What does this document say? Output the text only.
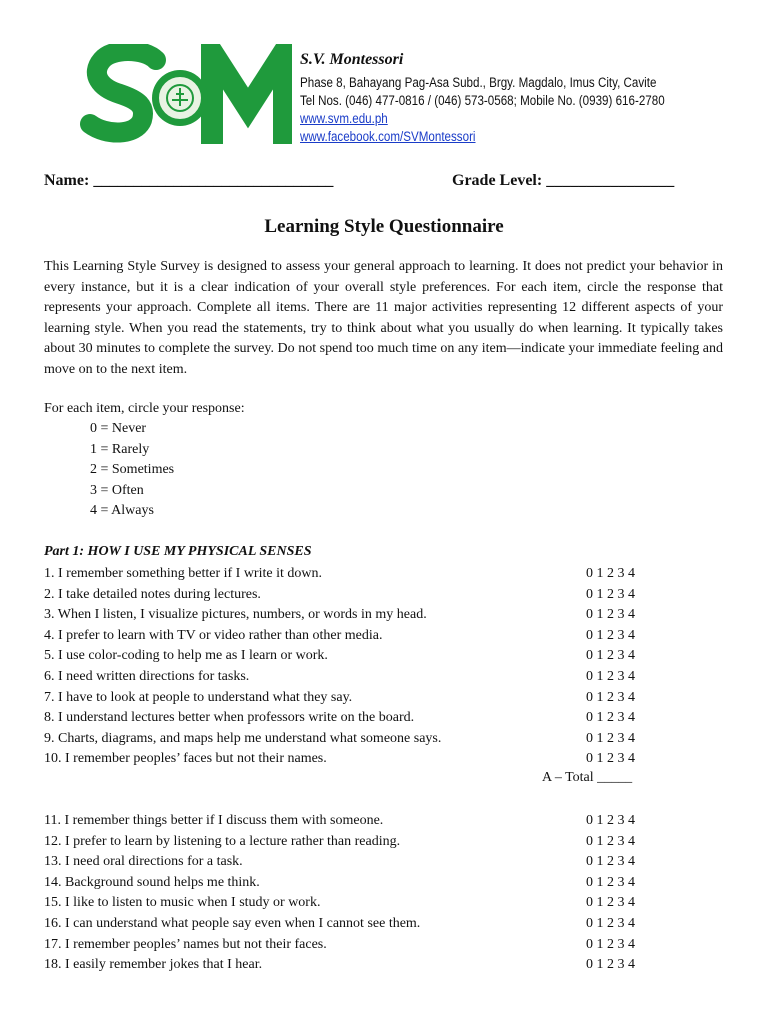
S.V. Montessori
Phase 8, Bahayang Pag-Asa Subd., Brgy. Magdalo, Imus City, Cavite
Tel Nos. (046) 477-0816 / (046) 573-0568; Mobile No. (0939) 616-2780
www.svm.edu.ph
www.facebook.com/SVMontessori
Name: ______________________________	Grade Level: ________________
Learning Style Questionnaire

This Learning Style Survey is designed to assess your general approach to learning. It does not predict your behavior in every instance, but it is a clear indication of your overall style preferences. For each item, circle the response that represents your approach. Complete all items. There are 11 major activities representing 12 different aspects of your learning style. When you read the statements, try to think about what you usually do when learning. It typically takes about 30 minutes to complete the survey. Do not spend too much time on any item—indicate your immediate feeling and move on to the next item.

For each item, circle your response:
0 = Never
1 = Rarely
2 = Sometimes
3 = Often
4 = Always
Part 1: HOW I USE MY PHYSICAL SENSES
1. I remember something better if I write it down.	0 1 2 3 4
2. I take detailed notes during lectures.	0 1 2 3 4
3. When I listen, I visualize pictures, numbers, or words in my head.	0 1 2 3 4
4. I prefer to learn with TV or video rather than other media.	0 1 2 3 4
5. I use color-coding to help me as I learn or work.	0 1 2 3 4
6. I need written directions for tasks.	0 1 2 3 4
7. I have to look at people to understand what they say.	0 1 2 3 4
8. I understand lectures better when professors write on the board.	0 1 2 3 4
9. Charts, diagrams, and maps help me understand what someone says.	0 1 2 3 4
10. I remember peoples’ faces but not their names.	0 1 2 3 4
A – Total _____
11. I remember things better if I discuss them with someone.	0 1 2 3 4
12. I prefer to learn by listening to a lecture rather than reading.	0 1 2 3 4
13. I need oral directions for a task.	0 1 2 3 4
14. Background sound helps me think.	0 1 2 3 4
15. I like to listen to music when I study or work.	0 1 2 3 4
16. I can understand what people say even when I cannot see them.	0 1 2 3 4
17. I remember peoples’ names but not their faces.	0 1 2 3 4
18. I easily remember jokes that I hear.	0 1 2 3 4
